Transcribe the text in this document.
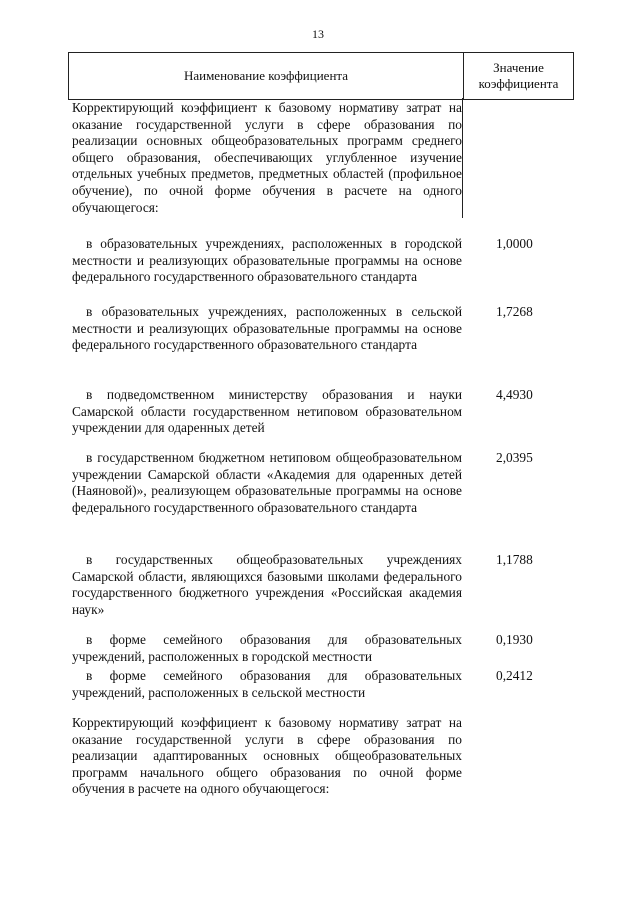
13
Наименование коэффициента
Значение
коэффициента
Корректирующий коэффициент к базовому нормативу затрат на оказание государственной услуги в сфере образования по реализации основных общеобразовательных программ среднего общего образования, обеспечивающих углубленное изучение отдельных учебных предметов, предметных областей (профильное обучение), по очной форме обучения в расчете на одного обучающегося:
в образовательных учреждениях, расположенных в городской местности и реализующих образовательные программы на основе федерального государственного образовательного стандарта
1,0000
в образовательных учреждениях, расположенных в сельской местности и реализующих образовательные программы на основе федерального государственного образовательного стандарта
1,7268
в подведомственном министерству образования и науки Самарской области государственном нетиповом образовательном учреждении для одаренных детей
4,4930
в государственном бюджетном нетиповом общеобразовательном учреждении Самарской области «Академия для одаренных детей (Наяновой)», реализующем образовательные программы на основе федерального государственного образовательного стандарта
2,0395
в государственных общеобразовательных учреждениях Самарской области, являющихся базовыми школами федерального государственного бюджетного учреждения «Российская академия наук»
1,1788
в форме семейного образования для образовательных учреждений, расположенных в городской местности
0,1930
в форме семейного образования для образовательных учреждений, расположенных в сельской местности
0,2412
Корректирующий коэффициент к базовому нормативу затрат на оказание государственной услуги в сфере образования по реализации адаптированных основных общеобразовательных программ начального общего образования по очной форме обучения в расчете на одного обучающегося:
